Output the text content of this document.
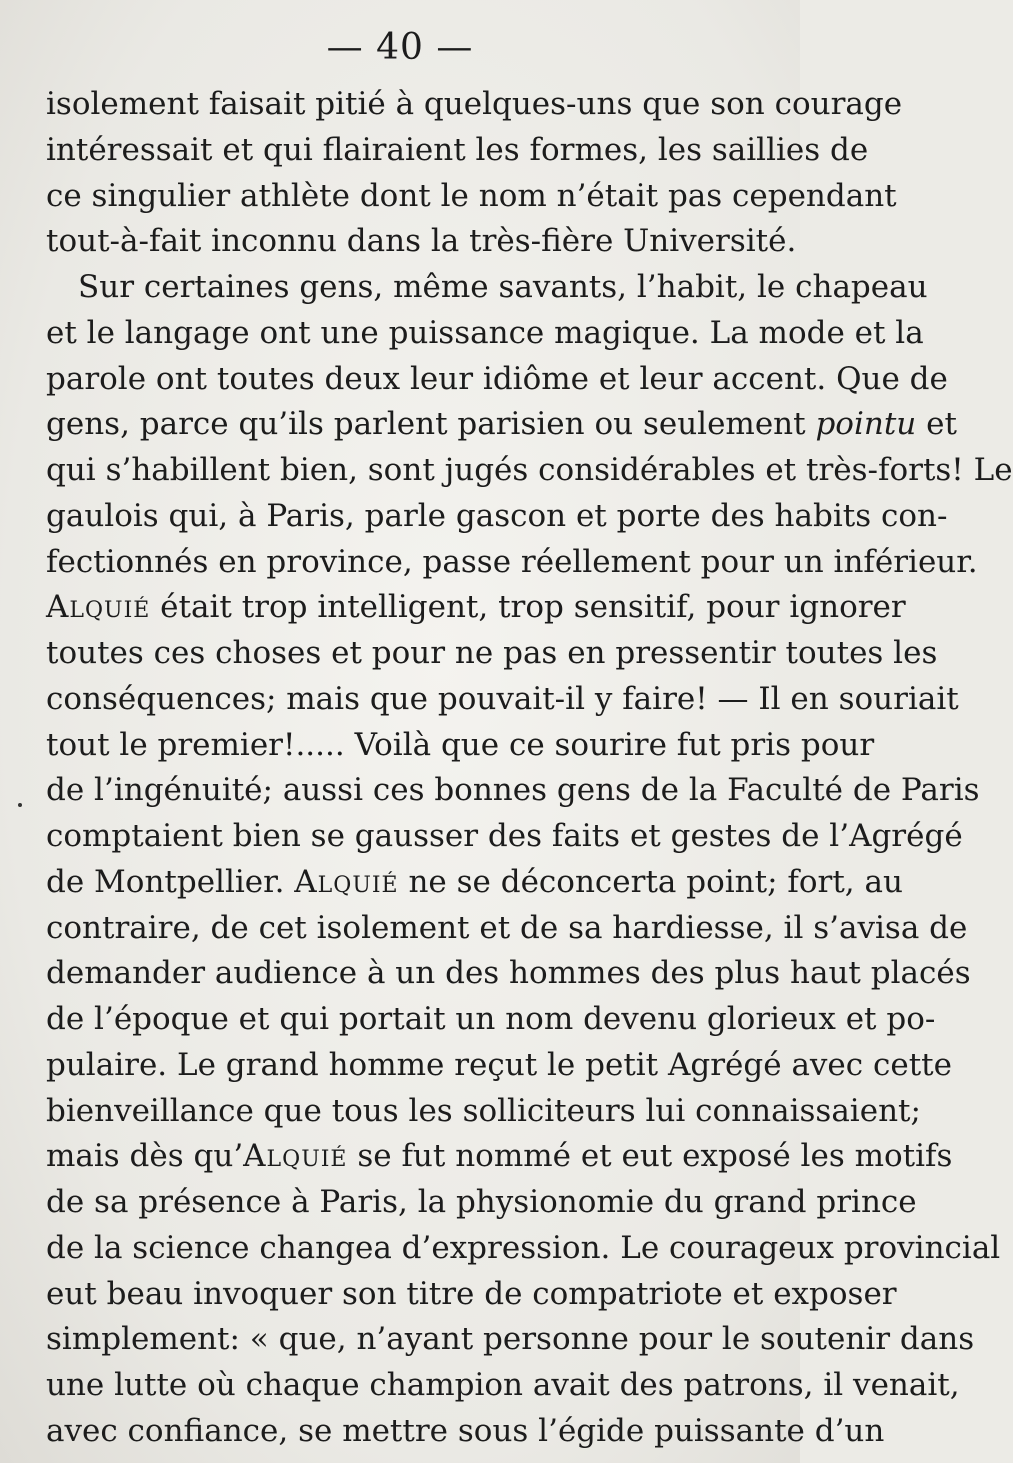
— 40 —
isolement faisait pitié à quelques-uns que son courage
intéressait et qui flairaient les formes, les saillies de
ce singulier athlète dont le nom n’était pas cependant
tout-à-fait inconnu dans la très-fière Université.
Sur certaines gens, même savants, l’habit, le chapeau
et le langage ont une puissance magique. La mode et la
parole ont toutes deux leur idiôme et leur accent. Que de
gens, parce qu’ils parlent parisien ou seulement pointu et
qui s’habillent bien, sont jugés considérables et très-forts! Le
gaulois qui, à Paris, parle gascon et porte des habits con-
fectionnés en province, passe réellement pour un inférieur.
Alquié était trop intelligent, trop sensitif, pour ignorer
toutes ces choses et pour ne pas en pressentir toutes les
conséquences; mais que pouvait-il y faire! — Il en souriait
tout le premier!..... Voilà que ce sourire fut pris pour
de l’ingénuité; aussi ces bonnes gens de la Faculté de Paris
comptaient bien se gausser des faits et gestes de l’Agrégé
de Montpellier. Alquié ne se déconcerta point; fort, au
contraire, de cet isolement et de sa hardiesse, il s’avisa de
demander audience à un des hommes des plus haut placés
de l’époque et qui portait un nom devenu glorieux et po-
pulaire. Le grand homme reçut le petit Agrégé avec cette
bienveillance que tous les solliciteurs lui connaissaient;
mais dès qu’Alquié se fut nommé et eut exposé les motifs
de sa présence à Paris, la physionomie du grand prince
de la science changea d’expression. Le courageux provincial
eut beau invoquer son titre de compatriote et exposer
simplement: « que, n’ayant personne pour le soutenir dans
une lutte où chaque champion avait des patrons, il venait,
avec confiance, se mettre sous l’égide puissante d’un
